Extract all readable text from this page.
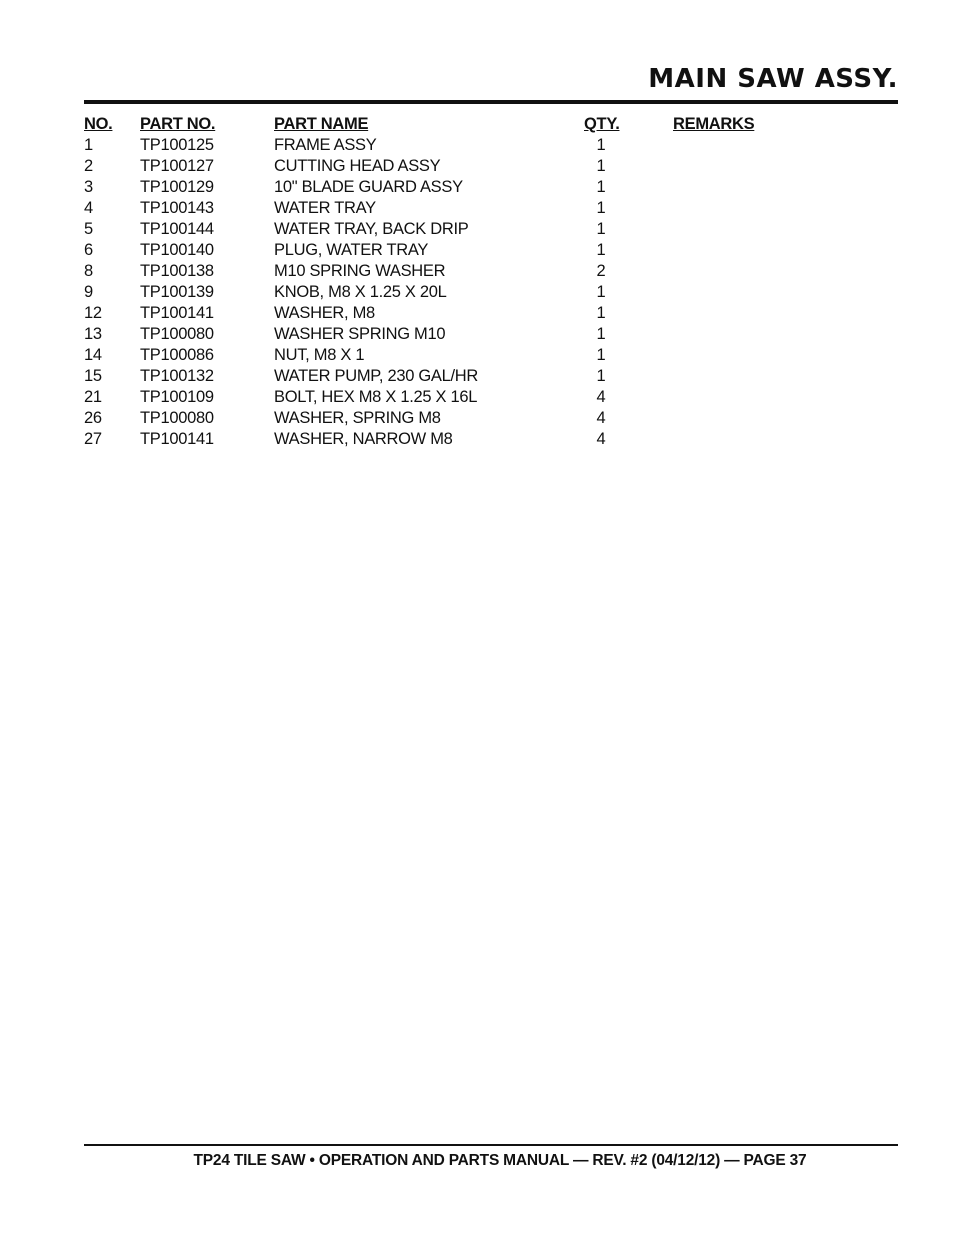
MAIN SAW ASSY.
NO. PART NO.	PART NAME	QTY.	REMARKS
1	TP100125	FRAME ASSY	1
2	TP100127	CUTTING HEAD ASSY	1
3	TP100129	10" BLADE GUARD ASSY	1
4	TP100143	WATER TRAY	1
5	TP100144	WATER TRAY, BACK DRIP	1
6	TP100140	PLUG, WATER TRAY	1
8	TP100138	M10 SPRING WASHER	2
9	TP100139	KNOB, M8 X 1.25 X 20L	1
12 TP100141	WASHER, M8	1
13 TP100080	WASHER SPRING M10	1
14 TP100086	NUT, M8 X 1	1
15 TP100132	WATER PUMP, 230 GAL/HR	1
21 TP100109	BOLT, HEX M8 X 1.25 X 16L	4
26 TP100080	WASHER, SPRING M8	4
27 TP100141	WASHER, NARROW M8	4
TP24 TILE SAW • OPERATION AND PARTS MANUAL — REV. #2 (04/12/12) — PAGE 37
